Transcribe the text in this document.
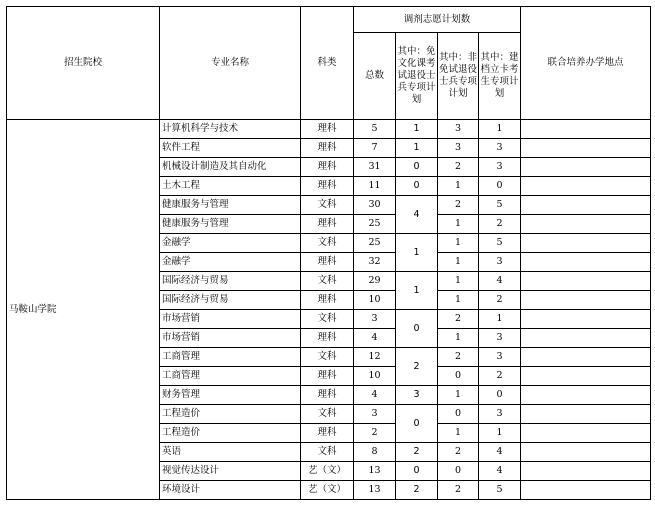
招生院校	专业名称	科类	调剂志愿计划数				联合培养办学地点
			总数	其中：免文化课考试退役士兵专项计划	其中：非免试退役士兵专项计划	其中：建档立卡考生专项计划	
马鞍山学院	计算机科学与技术	理科	5	1	3	1	
	软件工程	理科	7	1	3	3	
	机械设计制造及其自动化	理科	31	0	2	3	
	土木工程	理科	11	0	1	0	
	健康服务与管理	文科	30	4	2	5	
	健康服务与管理	理科	25		1	2	
	金融学	文科	25	1	1	5	
	金融学	理科	32		1	3	
	国际经济与贸易	文科	29	1	1	4	
	国际经济与贸易	理科	10		1	2	
	市场营销	文科	3	0	2	1	
	市场营销	理科	4		1	3	
	工商管理	文科	12	2	2	3	
	工商管理	理科	10		0	2	
	财务管理	理科	4	3	1	0	
	工程造价	文科	3	0	0	3	
	工程造价	理科	2		1	1	
	英语	文科	8	2	2	4	
	视觉传达设计	艺（文）	13	0	0	4	
	环境设计	艺（文）	13	2	2	5	
